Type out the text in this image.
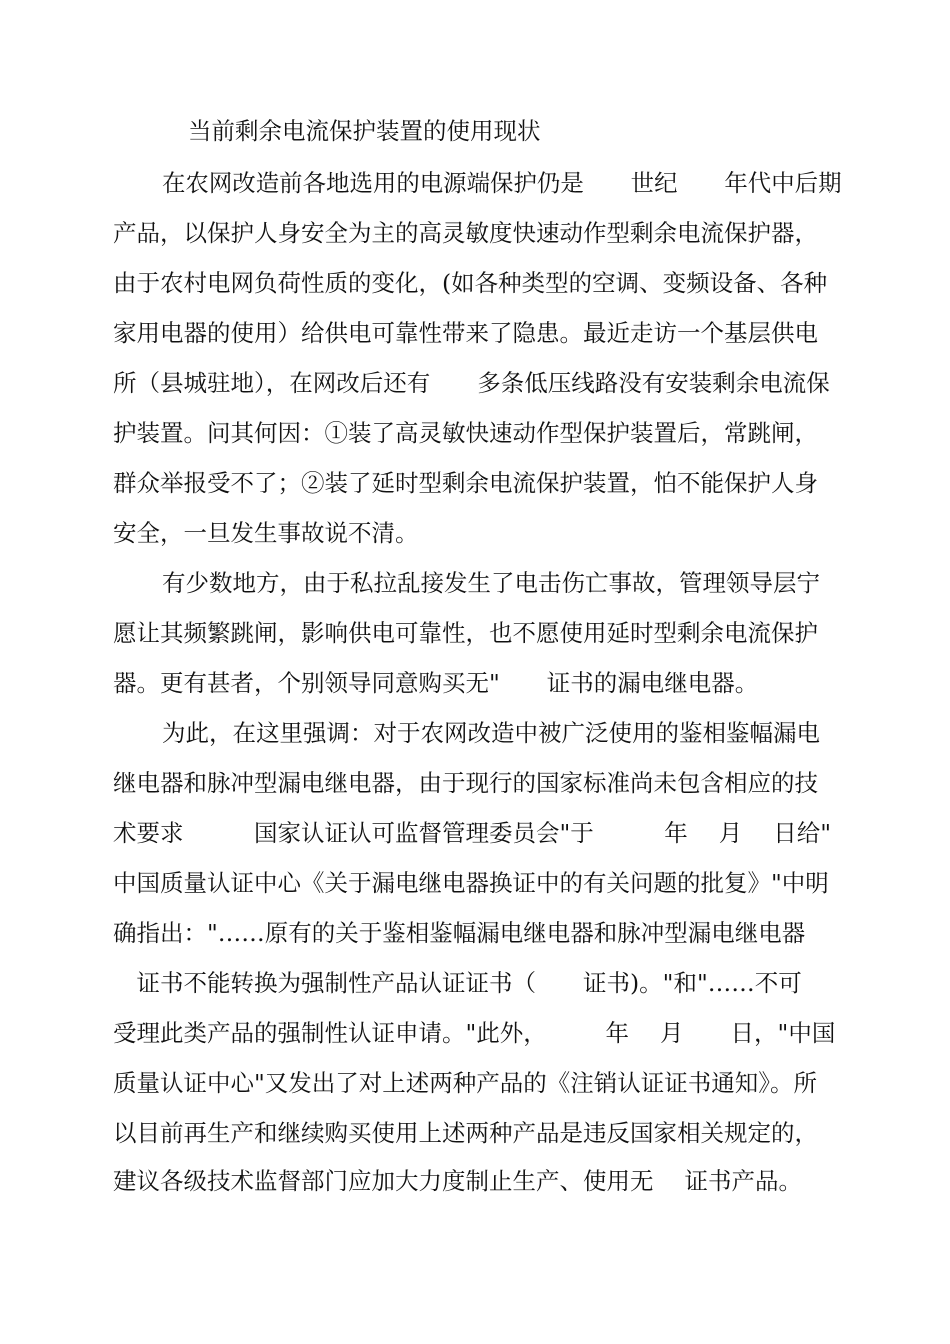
当前剩余电流保护装置的使用现状

在农网改造前各地选用的电源端保护仍是　　世纪　　年代中后期

产品，以保护人身安全为主的高灵敏度快速动作型剩余电流保护器，

由于农村电网负荷性质的变化，(如各种类型的空调、变频设备、各种

家用电器的使用）给供电可靠性带来了隐患。最近走访一个基层供电

所（县城驻地），在网改后还有　　多条低压线路没有安装剩余电流保

护装置。问其何因：①装了高灵敏快速动作型保护装置后，常跳闸，

群众举报受不了；②装了延时型剩余电流保护装置，怕不能保护人身

安全，一旦发生事故说不清。

有少数地方，由于私拉乱接发生了电击伤亡事故，管理领导层宁

愿让其频繁跳闸，影响供电可靠性，也不愿使用延时型剩余电流保护

器。更有甚者，个别领导同意购买无"　　证书的漏电继电器。

为此，在这里强调：对于农网改造中被广泛使用的鉴相鉴幅漏电

继电器和脉冲型漏电继电器，由于现行的国家标准尚未包含相应的技

术要求　　　国家认证认可监督管理委员会"于　　　年　 月　 日给"

中国质量认证中心《关于漏电继电器换证中的有关问题的批复》"中明

确指出："……原有的关于鉴相鉴幅漏电继电器和脉冲型漏电继电器

　证书不能转换为强制性产品认证证书（　　证书)。"和"……不可

受理此类产品的强制性认证申请。"此外，　　　年　 月　　日，"中国

质量认证中心"又发出了对上述两种产品的《注销认证证书通知》。所

以目前再生产和继续购买使用上述两种产品是违反国家相关规定的，

建议各级技术监督部门应加大力度制止生产、使用无　 证书产品。
